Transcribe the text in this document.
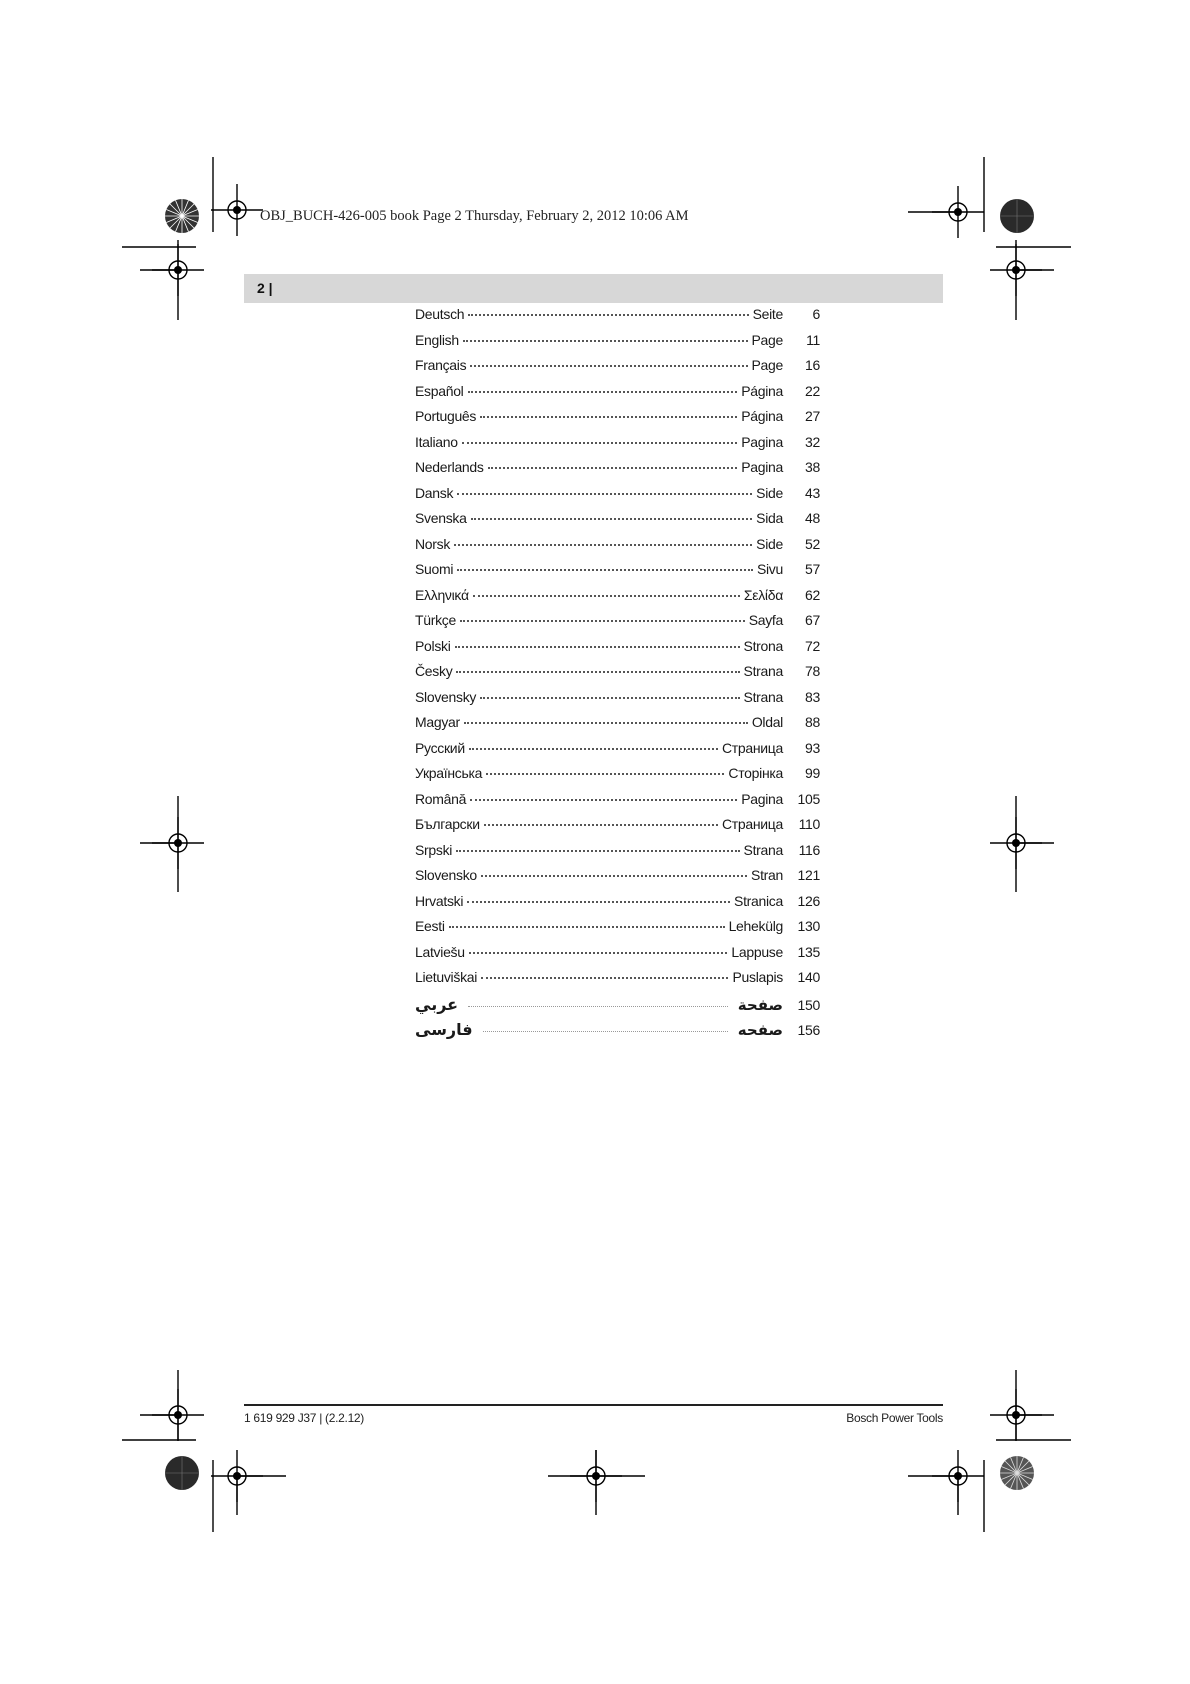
OBJ_BUCH-426-005 book Page 2 Thursday, February 2, 2012 10:06 AM
2 |
Deutsch	Seite	6
English	Page	11
Français	Page	16
Español	Página	22
Português	Página	27
Italiano	Pagina	32
Nederlands	Pagina	38
Dansk	Side	43
Svenska	Sida	48
Norsk	Side	52
Suomi	Sivu	57
Ελληνικά	Σελίδα	62
Türkçe	Sayfa	67
Polski	Strona	72
Česky	Strana	78
Slovensky	Strana	83
Magyar	Oldal	88
Русский	Страница	93
Українська	Сторінка	99
Română	Pagina	105
Български	Страница	110
Srpski	Strana	116
Slovensko	Stran	121
Hrvatski	Stranica	126
Eesti	Lehekülg	130
Latviešu	Lappuse	135
Lietuviškai	Puslapis	140
عربي	صفحة	150
فارسی	صفحه	156
1 619 929 J37 | (2.2.12)	Bosch Power Tools
